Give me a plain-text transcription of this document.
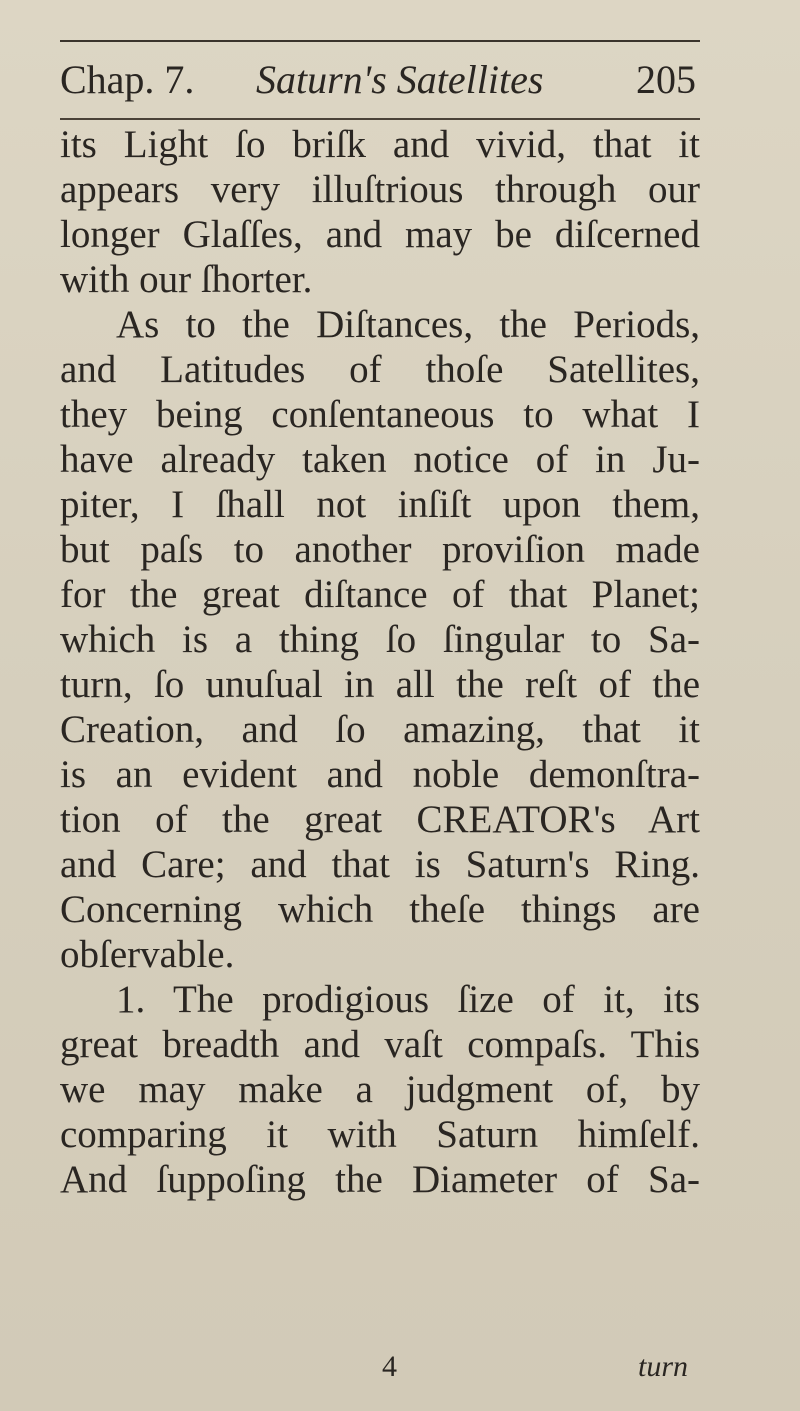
Chap. 7. Saturn's Satellites 205
its Light ſo briſk and vivid, that it
appears very illuſtrious through our
longer Glaſſes, and may be diſcerned
with our ſhorter.
As to the Diſtances, the Periods,
and Latitudes of thoſe Satellites,
they being conſentaneous to what I
have already taken notice of in Ju-
piter, I ſhall not inſiſt upon them,
but paſs to another proviſion made
for the great diſtance of that Planet;
which is a thing ſo ſingular to Sa-
turn, ſo unuſual in all the reſt of the
Creation, and ſo amazing, that it
is an evident and noble demonſtra-
tion of the great CREATOR's Art
and Care; and that is Saturn's Ring.
Concerning which theſe things are
obſervable.
1. The prodigious ſize of it, its
great breadth and vaſt compaſs. This
we may make a judgment of, by
comparing it with Saturn himſelf.
And ſuppoſing the Diameter of Sa-
4	turn
